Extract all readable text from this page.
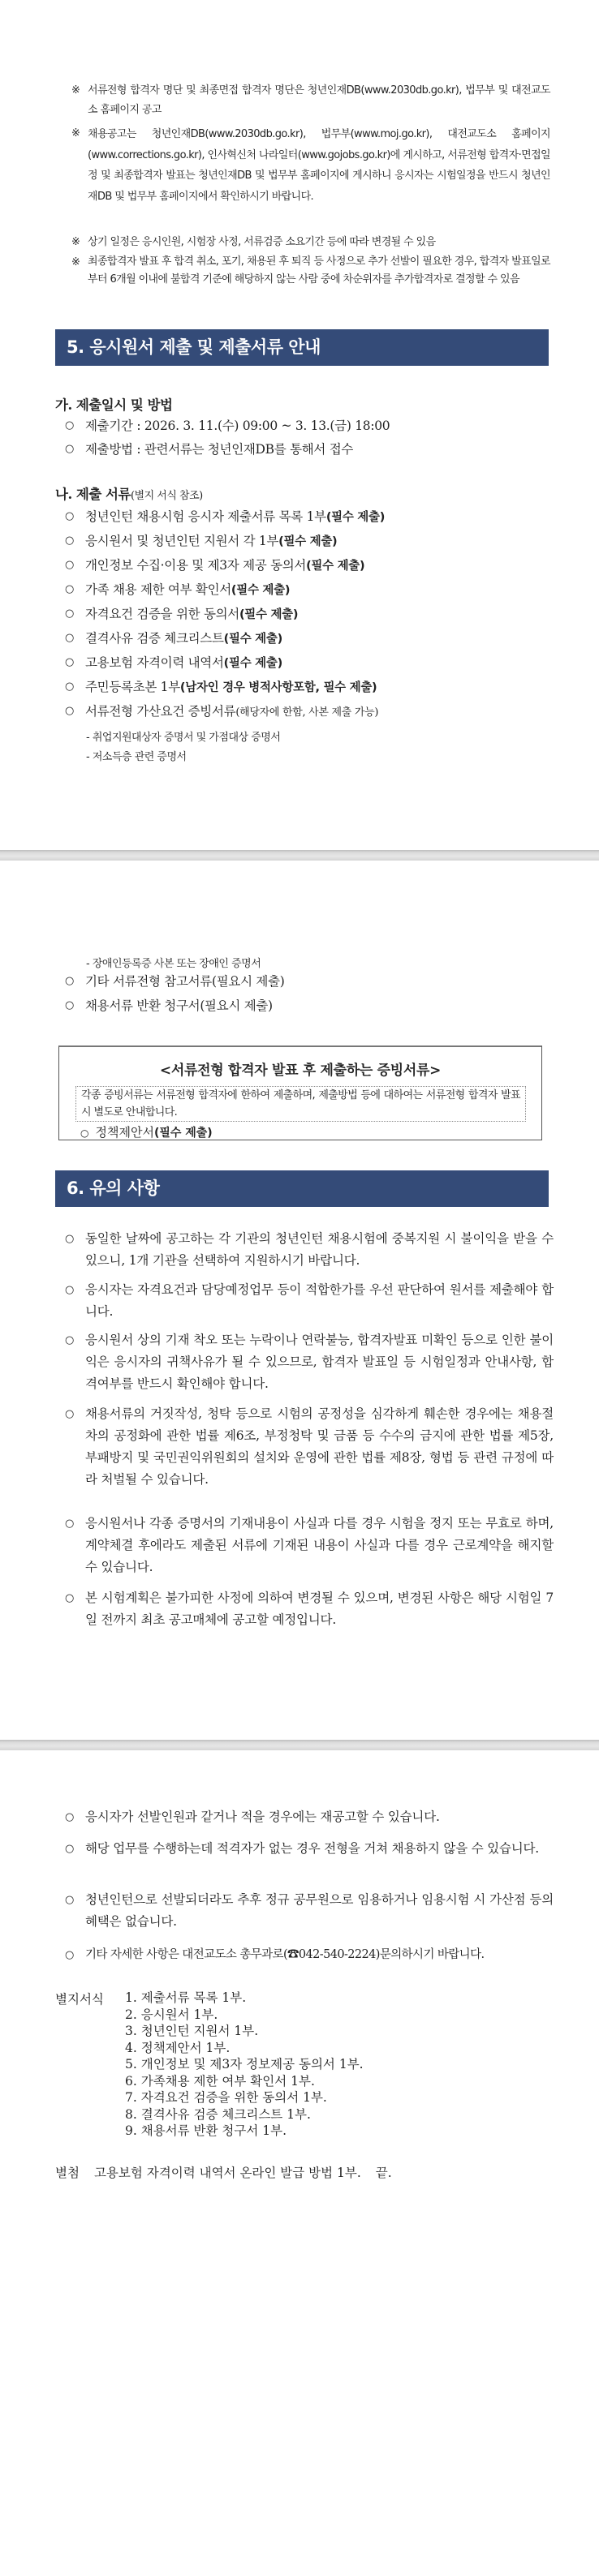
※ 서류전형 합격자 명단 및 최종면접 합격자 명단은 청년인재DB(www.2030db.go.kr), 법무부 및 대전교도소 홈페이지 공고
※ 채용공고는 청년인재DB(www.2030db.go.kr), 법무부(www.moj.go.kr), 대전교도소 홈페이지(www.corrections.go.kr), 인사혁신처 나라일터(www.gojobs.go.kr)에 게시하고, 서류전형 합격자·면접일정 및 최종합격자 발표는 청년인재DB 및 법무부 홈페이지에 게시하니 응시자는 시험일정을 반드시 청년인재DB 및 법무부 홈페이지에서 확인하시기 바랍니다.
※ 상기 일정은 응시인원, 시험장 사정, 서류검증 소요기간 등에 따라 변경될 수 있음
※ 최종합격자 발표 후 합격 취소, 포기, 채용된 후 퇴직 등 사정으로 추가 선발이 필요한 경우, 합격자 발표일로부터 6개월 이내에 불합격 기준에 해당하지 않는 사람 중에 차순위자를 추가합격자로 결정할 수 있음
5. 응시원서 제출 및 제출서류 안내
가. 제출일시 및 방법
○ 제출기간 : 2026. 3. 11.(수) 09:00 ~ 3. 13.(금) 18:00
○ 제출방법 : 관련서류는 청년인재DB를 통해서 접수
나. 제출 서류(별지 서식 참조)
○ 청년인턴 채용시험 응시자 제출서류 목록 1부(필수 제출)
○ 응시원서 및 청년인턴 지원서 각 1부(필수 제출)
○ 개인정보 수집·이용 및 제3자 제공 동의서(필수 제출)
○ 가족 채용 제한 여부 확인서(필수 제출)
○ 자격요건 검증을 위한 동의서(필수 제출)
○ 결격사유 검증 체크리스트(필수 제출)
○ 고용보험 자격이력 내역서(필수 제출)
○ 주민등록초본 1부(남자인 경우 병적사항포함, 필수 제출)
○ 서류전형 가산요건 증빙서류(해당자에 한함, 사본 제출 가능)
- 취업지원대상자 증명서 및 가점대상 증명서
- 저소득층 관련 증명서
- 장애인등록증 사본 또는 장애인 증명서
○ 기타 서류전형 참고서류(필요시 제출)
○ 채용서류 반환 청구서(필요시 제출)
<서류전형 합격자 발표 후 제출하는 증빙서류>
각종 증빙서류는 서류전형 합격자에 한하여 제출하며, 제출방법 등에 대하여는 서류전형 합격자 발표 시 별도로 안내합니다.
○ 정책제안서(필수 제출)
6. 유의 사항
○ 동일한 날짜에 공고하는 각 기관의 청년인턴 채용시험에 중복지원 시 불이익을 받을 수 있으니, 1개 기관을 선택하여 지원하시기 바랍니다.
○ 응시자는 자격요건과 담당예정업무 등이 적합한가를 우선 판단하여 원서를 제출해야 합니다.
○ 응시원서 상의 기재 착오 또는 누락이나 연락불능, 합격자발표 미확인 등으로 인한 불이익은 응시자의 귀책사유가 될 수 있으므로, 합격자 발표일 등 시험일정과 안내사항, 합격여부를 반드시 확인해야 합니다.
○ 채용서류의 거짓작성, 청탁 등으로 시험의 공정성을 심각하게 훼손한 경우에는 채용절차의 공정화에 관한 법률 제6조, 부정청탁 및 금품 등 수수의 금지에 관한 법률 제5장, 부패방지 및 국민권익위원회의 설치와 운영에 관한 법률 제8장, 형법 등 관련 규정에 따라 처벌될 수 있습니다.
○ 응시원서나 각종 증명서의 기재내용이 사실과 다를 경우 시험을 정지 또는 무효로 하며, 계약체결 후에라도 제출된 서류에 기재된 내용이 사실과 다를 경우 근로계약을 해지할 수 있습니다.
○ 본 시험계획은 불가피한 사정에 의하여 변경될 수 있으며, 변경된 사항은 해당 시험일 7일 전까지 최초 공고매체에 공고할 예정입니다.
○ 응시자가 선발인원과 같거나 적을 경우에는 재공고할 수 있습니다.
○ 해당 업무를 수행하는데 적격자가 없는 경우 전형을 거쳐 채용하지 않을 수 있습니다.
○ 청년인턴으로 선발되더라도 추후 정규 공무원으로 임용하거나 임용시험 시 가산점 등의 혜택은 없습니다.
○ 기타 자세한 사항은 대전교도소 총무과로(☎042-540-2224)문의하시기 바랍니다.
별지서식 1. 제출서류 목록 1부.
2. 응시원서 1부.
3. 청년인턴 지원서 1부.
4. 정책제안서 1부.
5. 개인정보 및 제3자 정보제공 동의서 1부.
6. 가족채용 제한 여부 확인서 1부.
7. 자격요건 검증을 위한 동의서 1부.
8. 결격사유 검증 체크리스트 1부.
9. 채용서류 반환 청구서 1부.
별첨 고용보험 자격이력 내역서 온라인 발급 방법 1부. 끝.
